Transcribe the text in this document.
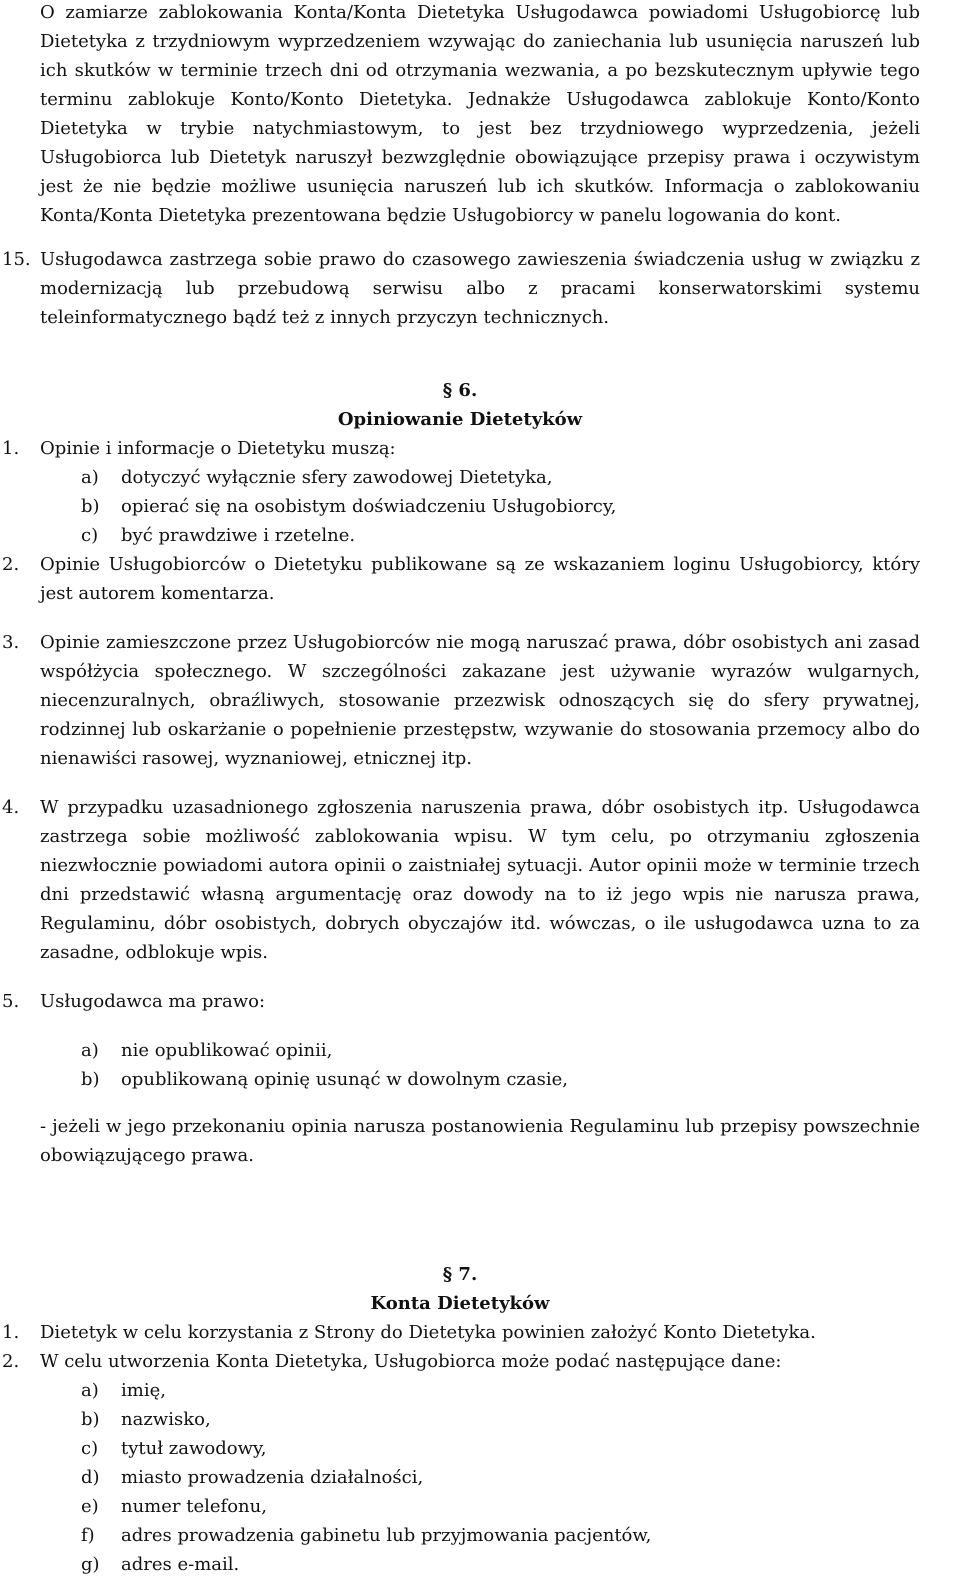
O zamiarze zablokowania Konta/Konta Dietetyka Usługodawca powiadomi Usługobiorcę lub Dietetyka z trzydniowym wyprzedzeniem wzywając do zaniechania lub usunięcia naruszeń lub ich skutków w terminie trzech dni od otrzymania wezwania, a po bezskutecznym upływie tego terminu zablokuje Konto/Konto Dietetyka. Jednakże Usługodawca zablokuje Konto/Konto Dietetyka w trybie natychmiastowym, to jest bez trzydniowego wyprzedzenia, jeżeli Usługobiorca lub Dietetyk naruszył bezwzględnie obowiązujące przepisy prawa i oczywistym jest że nie będzie możliwe usunięcia naruszeń lub ich skutków. Informacja o zablokowaniu Konta/Konta Dietetyka prezentowana będzie Usługobiorcy w panelu logowania do kont.

15. Usługodawca zastrzega sobie prawo do czasowego zawieszenia świadczenia usług w związku z modernizacją lub przebudową serwisu albo z pracami konserwatorskimi systemu teleinformatycznego bądź też z innych przyczyn technicznych.

§ 6.

Opiniowanie Dietetyków

1.	Opinie i informacje o Dietetyku muszą:
a)	dotyczyć wyłącznie sfery zawodowej Dietetyka,
b)	opierać się na osobistym doświadczeniu Usługobiorcy,
c)	być prawdziwe i rzetelne.
2.	Opinie Usługobiorców o Dietetyku publikowane są ze wskazaniem loginu Usługobiorcy, który jest autorem komentarza.
3.	Opinie zamieszczone przez Usługobiorców nie mogą naruszać prawa, dóbr osobistych ani zasad współżycia społecznego. W szczególności zakazane jest używanie wyrazów wulgarnych, niecenzuralnych, obraźliwych, stosowanie przezwisk odnoszących się do sfery prywatnej, rodzinnej lub oskarżanie o popełnienie przestępstw, wzywanie do stosowania przemocy albo do nienawiści rasowej, wyznaniowej, etnicznej itp.
4.	W przypadku uzasadnionego zgłoszenia naruszenia prawa, dóbr osobistych itp. Usługodawca zastrzega sobie możliwość zablokowania wpisu. W tym celu, po otrzymaniu zgłoszenia niezwłocznie powiadomi autora opinii o zaistniałej sytuacji. Autor opinii może w terminie trzech dni przedstawić własną argumentację oraz dowody na to iż jego wpis nie narusza prawa, Regulaminu, dóbr osobistych, dobrych obyczajów itd. wówczas, o ile usługodawca uzna to za zasadne, odblokuje wpis.
5.	Usługodawca ma prawo:
a)	nie opublikować opinii,
b)	opublikowaną opinię usunąć w dowolnym czasie,

- jeżeli w jego przekonaniu opinia narusza postanowienia Regulaminu lub przepisy powszechnie obowiązującego prawa.

§ 7.

Konta Dietetyków

1.	Dietetyk w celu korzystania z Strony do Dietetyka powinien założyć Konto Dietetyka.
2.	W celu utworzenia Konta Dietetyka, Usługobiorca może podać następujące dane:
a)	imię,
b)	nazwisko,
c)	tytuł zawodowy,
d)	miasto prowadzenia działalności,
e)	numer telefonu,
f)	adres prowadzenia gabinetu lub przyjmowania pacjentów,
g)	adres e-mail.
